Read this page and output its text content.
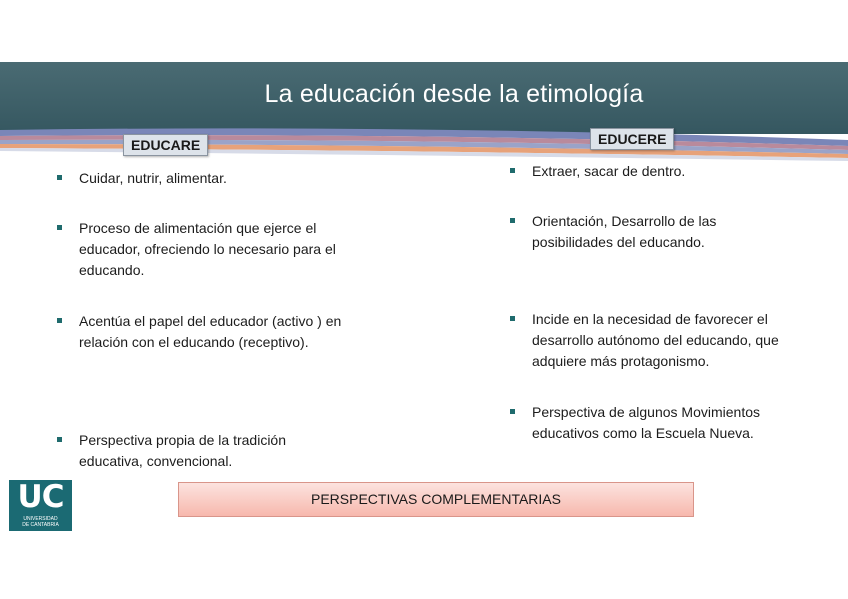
La educación desde la etimología
EDUCARE	EDUCERE
Cuidar, nutrir, alimentar.
Proceso de alimentación que ejerce el educador, ofreciendo lo necesario para el educando.
Acentúa el papel del educador (activo ) en relación con el educando (receptivo).
Perspectiva propia de la tradición educativa, convencional.
Extraer, sacar de dentro.
Orientación, Desarrollo de las posibilidades del educando.
Incide en la necesidad de favorecer el desarrollo autónomo del educando, que adquiere más protagonismo.
Perspectiva de algunos Movimientos educativos como la Escuela Nueva.
UC
UNIVERSIDAD
DE CANTABRIA
PERSPECTIVAS COMPLEMENTARIAS
